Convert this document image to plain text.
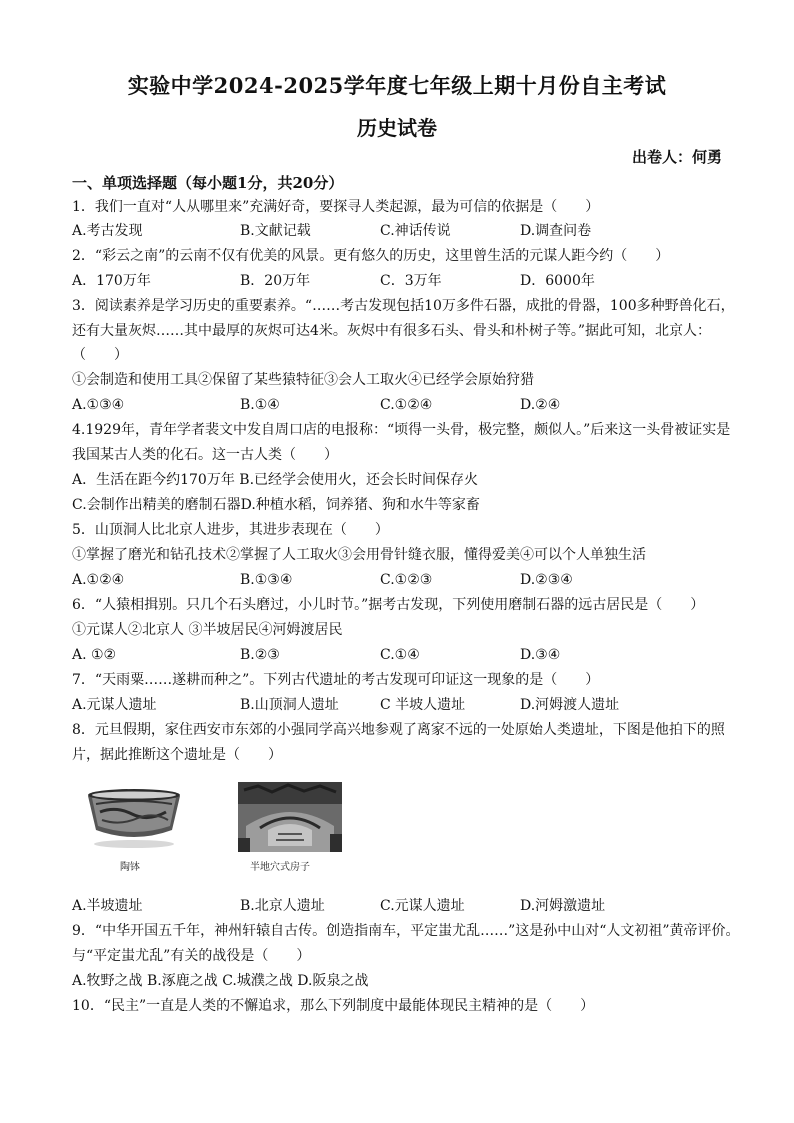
实验中学2024-2025学年度七年级上期十月份自主考试
历史试卷
出卷人：何勇
一、单项选择题（每小题1分，共20分）
1．我们一直对“人从哪里来”充满好奇，要探寻人类起源，最为可信的依据是（　　）
A.考古发现	B.文献记载	C.神话传说	D.调查问卷
2．“彩云之南”的云南不仅有优美的风景。更有悠久的历史，这里曾生活的元谋人距今约（　　）
A．170万年	B．20万年	C．3万年	D．6000年
3．阅读素养是学习历史的重要素养。“……考古发现包括10万多件石器，成批的骨器，100多种野兽化石，
还有大量灰烬……其中最厚的灰烬可达4米。灰烬中有很多石头、骨头和朴树子等。”据此可知，北京人：
（　　）
①会制造和使用工具②保留了某些猿特征③会人工取火④已经学会原始狩猎
A.①③④	B.①④	C.①②④	D.②④
4.1929年，青年学者裴文中发自周口店的电报称：“顷得一头骨，极完整，颇似人。”后来这一头骨被证实是
我国某古人类的化石。这一古人类（　　）
A．生活在距今约170万年 B.已经学会使用火，还会长时间保存火
C.会制作出精美的磨制石器D.种植水稻，饲养猪、狗和水牛等家畜
5．山顶洞人比北京人进步，其进步表现在（　　）
①掌握了磨光和钻孔技术②掌握了人工取火③会用骨针缝衣服，懂得爱美④可以个人单独生活
A.①②④	B.①③④	C.①②③	D.②③④
6．“人猿相揖别。只几个石头磨过，小儿时节。”据考古发现，下列使用磨制石器的远古居民是（　　）
①元谋人②北京人 ③半坡居民④河姆渡居民
A. ①②	B.②③	C.①④	D.③④
7．“天雨粟……遂耕而种之”。下列古代遗址的考古发现可印证这一现象的是（　　）
A.元谋人遗址	B.山顶洞人遗址	C 半坡人遗址	D.河姆渡人遗址
8．元旦假期，家住西安市东郊的小强同学高兴地参观了离家不远的一处原始人类遗址，下图是他拍下的照
片，据此推断这个遗址是（　　）
陶钵	半地穴式房子
A.半坡遗址	B.北京人遗址	C.元谋人遗址	D.河姆激遗址
9．“中华开国五千年，神州轩辕自古传。创造指南车，平定蚩尤乱……”这是孙中山对“人文初祖”黄帝评价。
与“平定蚩尤乱”有关的战役是（　　）
A.牧野之战 B.涿鹿之战 C.城濮之战 D.阪泉之战
10．“民主”一直是人类的不懈追求，那么下列制度中最能体现民主精神的是（　　）
